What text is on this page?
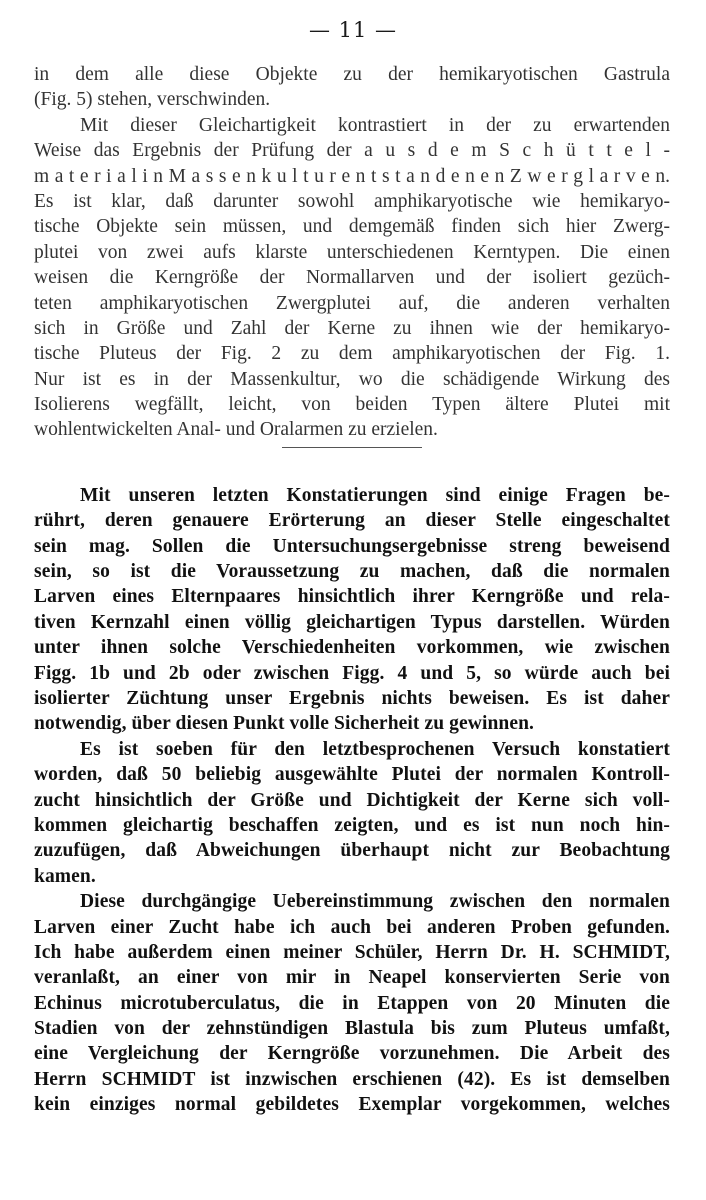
— 11 —
in dem alle diese Objekte zu der hemikaryotischen Gastrula
(Fig. 5) stehen, verschwinden.
Mit dieser Gleichartigkeit kontrastiert in der zu erwartenden
Weise das Ergebnis der Prüfung der a u s d e m S c h ü t t e l -
m a t e r i a l i n M a s s e n k u l t u r e n t s t a n d e n e n Z w e r g l a r v e n.
Es ist klar, daß darunter sowohl amphikaryotische wie hemikaryo-
tische Objekte sein müssen, und demgemäß finden sich hier Zwerg-
plutei von zwei aufs klarste unterschiedenen Kerntypen. Die einen
weisen die Kerngröße der Normallarven und der isoliert gezüch-
teten amphikaryotischen Zwergplutei auf, die anderen verhalten
sich in Größe und Zahl der Kerne zu ihnen wie der hemikaryo-
tische Pluteus der Fig. 2 zu dem amphikaryotischen der Fig. 1.
Nur ist es in der Massenkultur, wo die schädigende Wirkung des
Isolierens wegfällt, leicht, von beiden Typen ältere Plutei mit
wohlentwickelten Anal- und Oralarmen zu erzielen.
Mit unseren letzten Konstatierungen sind einige Fragen be-
rührt, deren genauere Erörterung an dieser Stelle eingeschaltet
sein mag. Sollen die Untersuchungsergebnisse streng beweisend
sein, so ist die Voraussetzung zu machen, daß die normalen
Larven eines Elternpaares hinsichtlich ihrer Kerngröße und rela-
tiven Kernzahl einen völlig gleichartigen Typus darstellen. Würden
unter ihnen solche Verschiedenheiten vorkommen, wie zwischen
Figg. 1b und 2b oder zwischen Figg. 4 und 5, so würde auch bei
isolierter Züchtung unser Ergebnis nichts beweisen. Es ist daher
notwendig, über diesen Punkt volle Sicherheit zu gewinnen.
Es ist soeben für den letztbesprochenen Versuch konstatiert
worden, daß 50 beliebig ausgewählte Plutei der normalen Kontroll-
zucht hinsichtlich der Größe und Dichtigkeit der Kerne sich voll-
kommen gleichartig beschaffen zeigten, und es ist nun noch hin-
zuzufügen, daß Abweichungen überhaupt nicht zur Beobachtung
kamen.
Diese durchgängige Uebereinstimmung zwischen den normalen
Larven einer Zucht habe ich auch bei anderen Proben gefunden.
Ich habe außerdem einen meiner Schüler, Herrn Dr. H. SCHMIDT,
veranlaßt, an einer von mir in Neapel konservierten Serie von
Echinus microtuberculatus, die in Etappen von 20 Minuten die
Stadien von der zehnstündigen Blastula bis zum Pluteus umfaßt,
eine Vergleichung der Kerngröße vorzunehmen. Die Arbeit des
Herrn SCHMIDT ist inzwischen erschienen (42). Es ist demselben
kein einziges normal gebildetes Exemplar vorgekommen, welches
